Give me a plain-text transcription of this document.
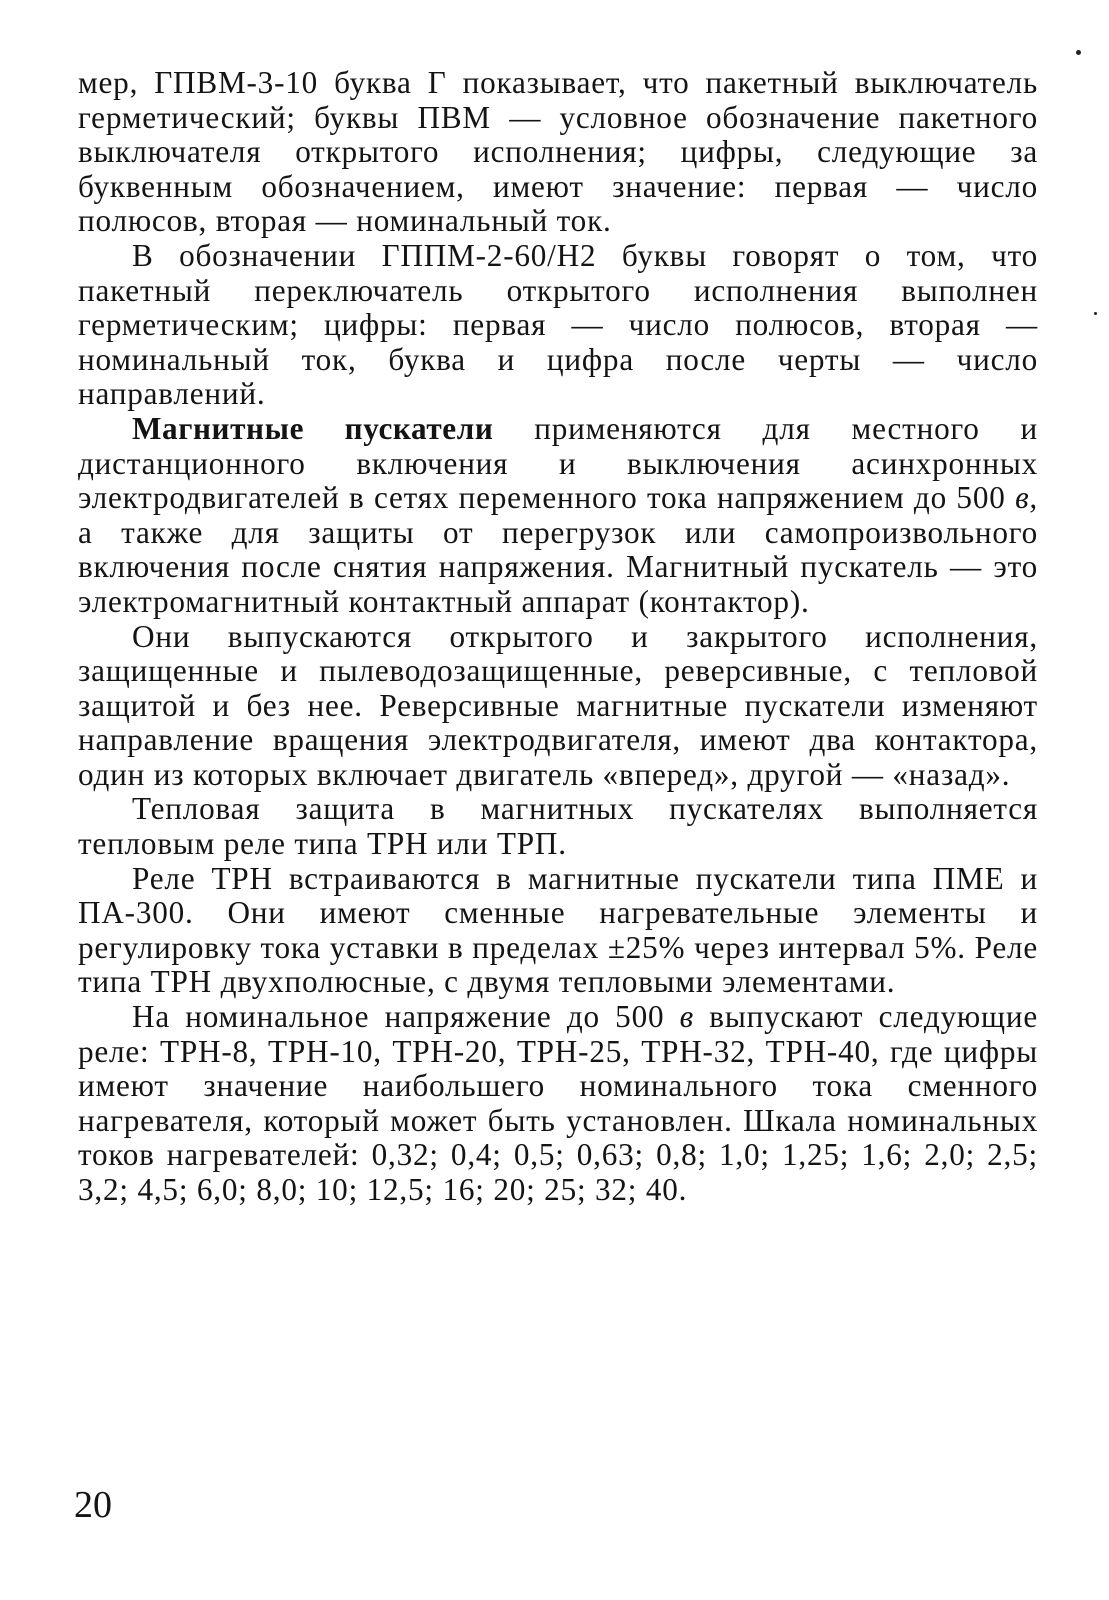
мер, ГПВМ-3-10 буква Г показывает, что пакетный выключатель герметический; буквы ПВМ — условное обозначение пакетного выключателя открытого исполнения; цифры, следующие за буквенным обозначением, имеют значение: первая — число полюсов, вторая — номинальный ток.

В обозначении ГППМ-2-60/Н2 буквы говорят о том, что пакетный переключатель открытого исполнения выполнен герметическим; цифры: первая — число полюсов, вторая — номинальный ток, буква и цифра после черты — число направлений.

Магнитные пускатели применяются для местного и дистанционного включения и выключения асинхронных электродвигателей в сетях переменного тока напряжением до 500 в, а также для защиты от перегрузок или самопроизвольного включения после снятия напряжения. Магнитный пускатель — это электромагнитный контактный аппарат (контактор).

Они выпускаются открытого и закрытого исполнения, защищенные и пылеводозащищенные, реверсивные, с тепловой защитой и без нее. Реверсивные магнитные пускатели изменяют направление вращения электродвигателя, имеют два контактора, один из которых включает двигатель «вперед», другой — «назад».

Тепловая защита в магнитных пускателях выполняется тепловым реле типа ТРН или ТРП.

Реле ТРН встраиваются в магнитные пускатели типа ПМЕ и ПА-300. Они имеют сменные нагревательные элементы и регулировку тока уставки в пределах ±25% через интервал 5%. Реле типа ТРН двухполюсные, с двумя тепловыми элементами.

На номинальное напряжение до 500 в выпускают следующие реле: ТРН-8, ТРН-10, ТРН-20, ТРН-25, ТРН-32, ТРН-40, где цифры имеют значение наибольшего номинального тока сменного нагревателя, который может быть установлен. Шкала номинальных токов нагревателей: 0,32; 0,4; 0,5; 0,63; 0,8; 1,0; 1,25; 1,6; 2,0; 2,5; 3,2; 4,5; 6,0; 8,0; 10; 12,5; 16; 20; 25; 32; 40.

20
